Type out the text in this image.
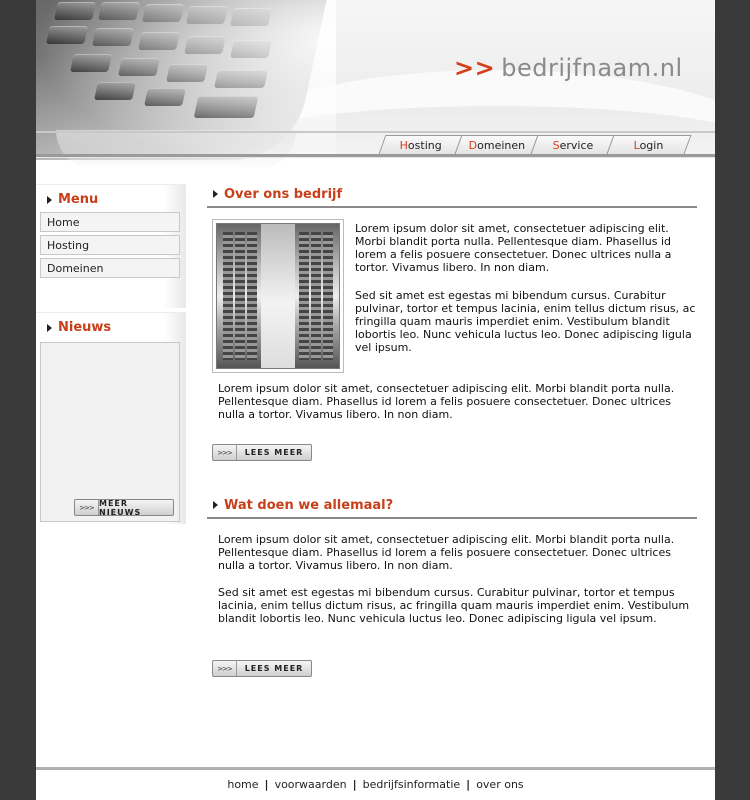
>> bedrijfnaam.nl
Hosting Domeinen Service	Login
Menu
Home
Hosting
Domeinen
Nieuws
>>> MEER NIEUWS
Over ons bedrijf
Lorem ipsum dolor sit amet, consectetuer adipiscing elit. Morbi blandit porta nulla. Pellentesque diam. Phasellus id lorem a felis posuere consectetuer. Donec ultrices nulla a tortor. Vivamus libero. In non diam.
Sed sit amet est egestas mi bibendum cursus. Curabitur pulvinar, tortor et tempus lacinia, enim tellus dictum risus, ac fringilla quam mauris imperdiet enim. Vestibulum blandit lobortis leo. Nunc vehicula luctus leo. Donec adipiscing ligula vel ipsum.
Lorem ipsum dolor sit amet, consectetuer adipiscing elit. Morbi blandit porta nulla. Pellentesque diam. Phasellus id lorem a felis posuere consectetuer. Donec ultrices nulla a tortor. Vivamus libero. In non diam.
>>>	LEES MEER
Wat doen we allemaal?
Lorem ipsum dolor sit amet, consectetuer adipiscing elit. Morbi blandit porta nulla. Pellentesque diam. Phasellus id lorem a felis posuere consectetuer. Donec ultrices nulla a tortor. Vivamus libero. In non diam.
Sed sit amet est egestas mi bibendum cursus. Curabitur pulvinar, tortor et tempus lacinia, enim tellus dictum risus, ac fringilla quam mauris imperdiet enim. Vestibulum blandit lobortis leo. Nunc vehicula luctus leo. Donec adipiscing ligula vel ipsum.
>>>	LEES MEER
home | voorwaarden | bedrijfsinformatie | over ons
